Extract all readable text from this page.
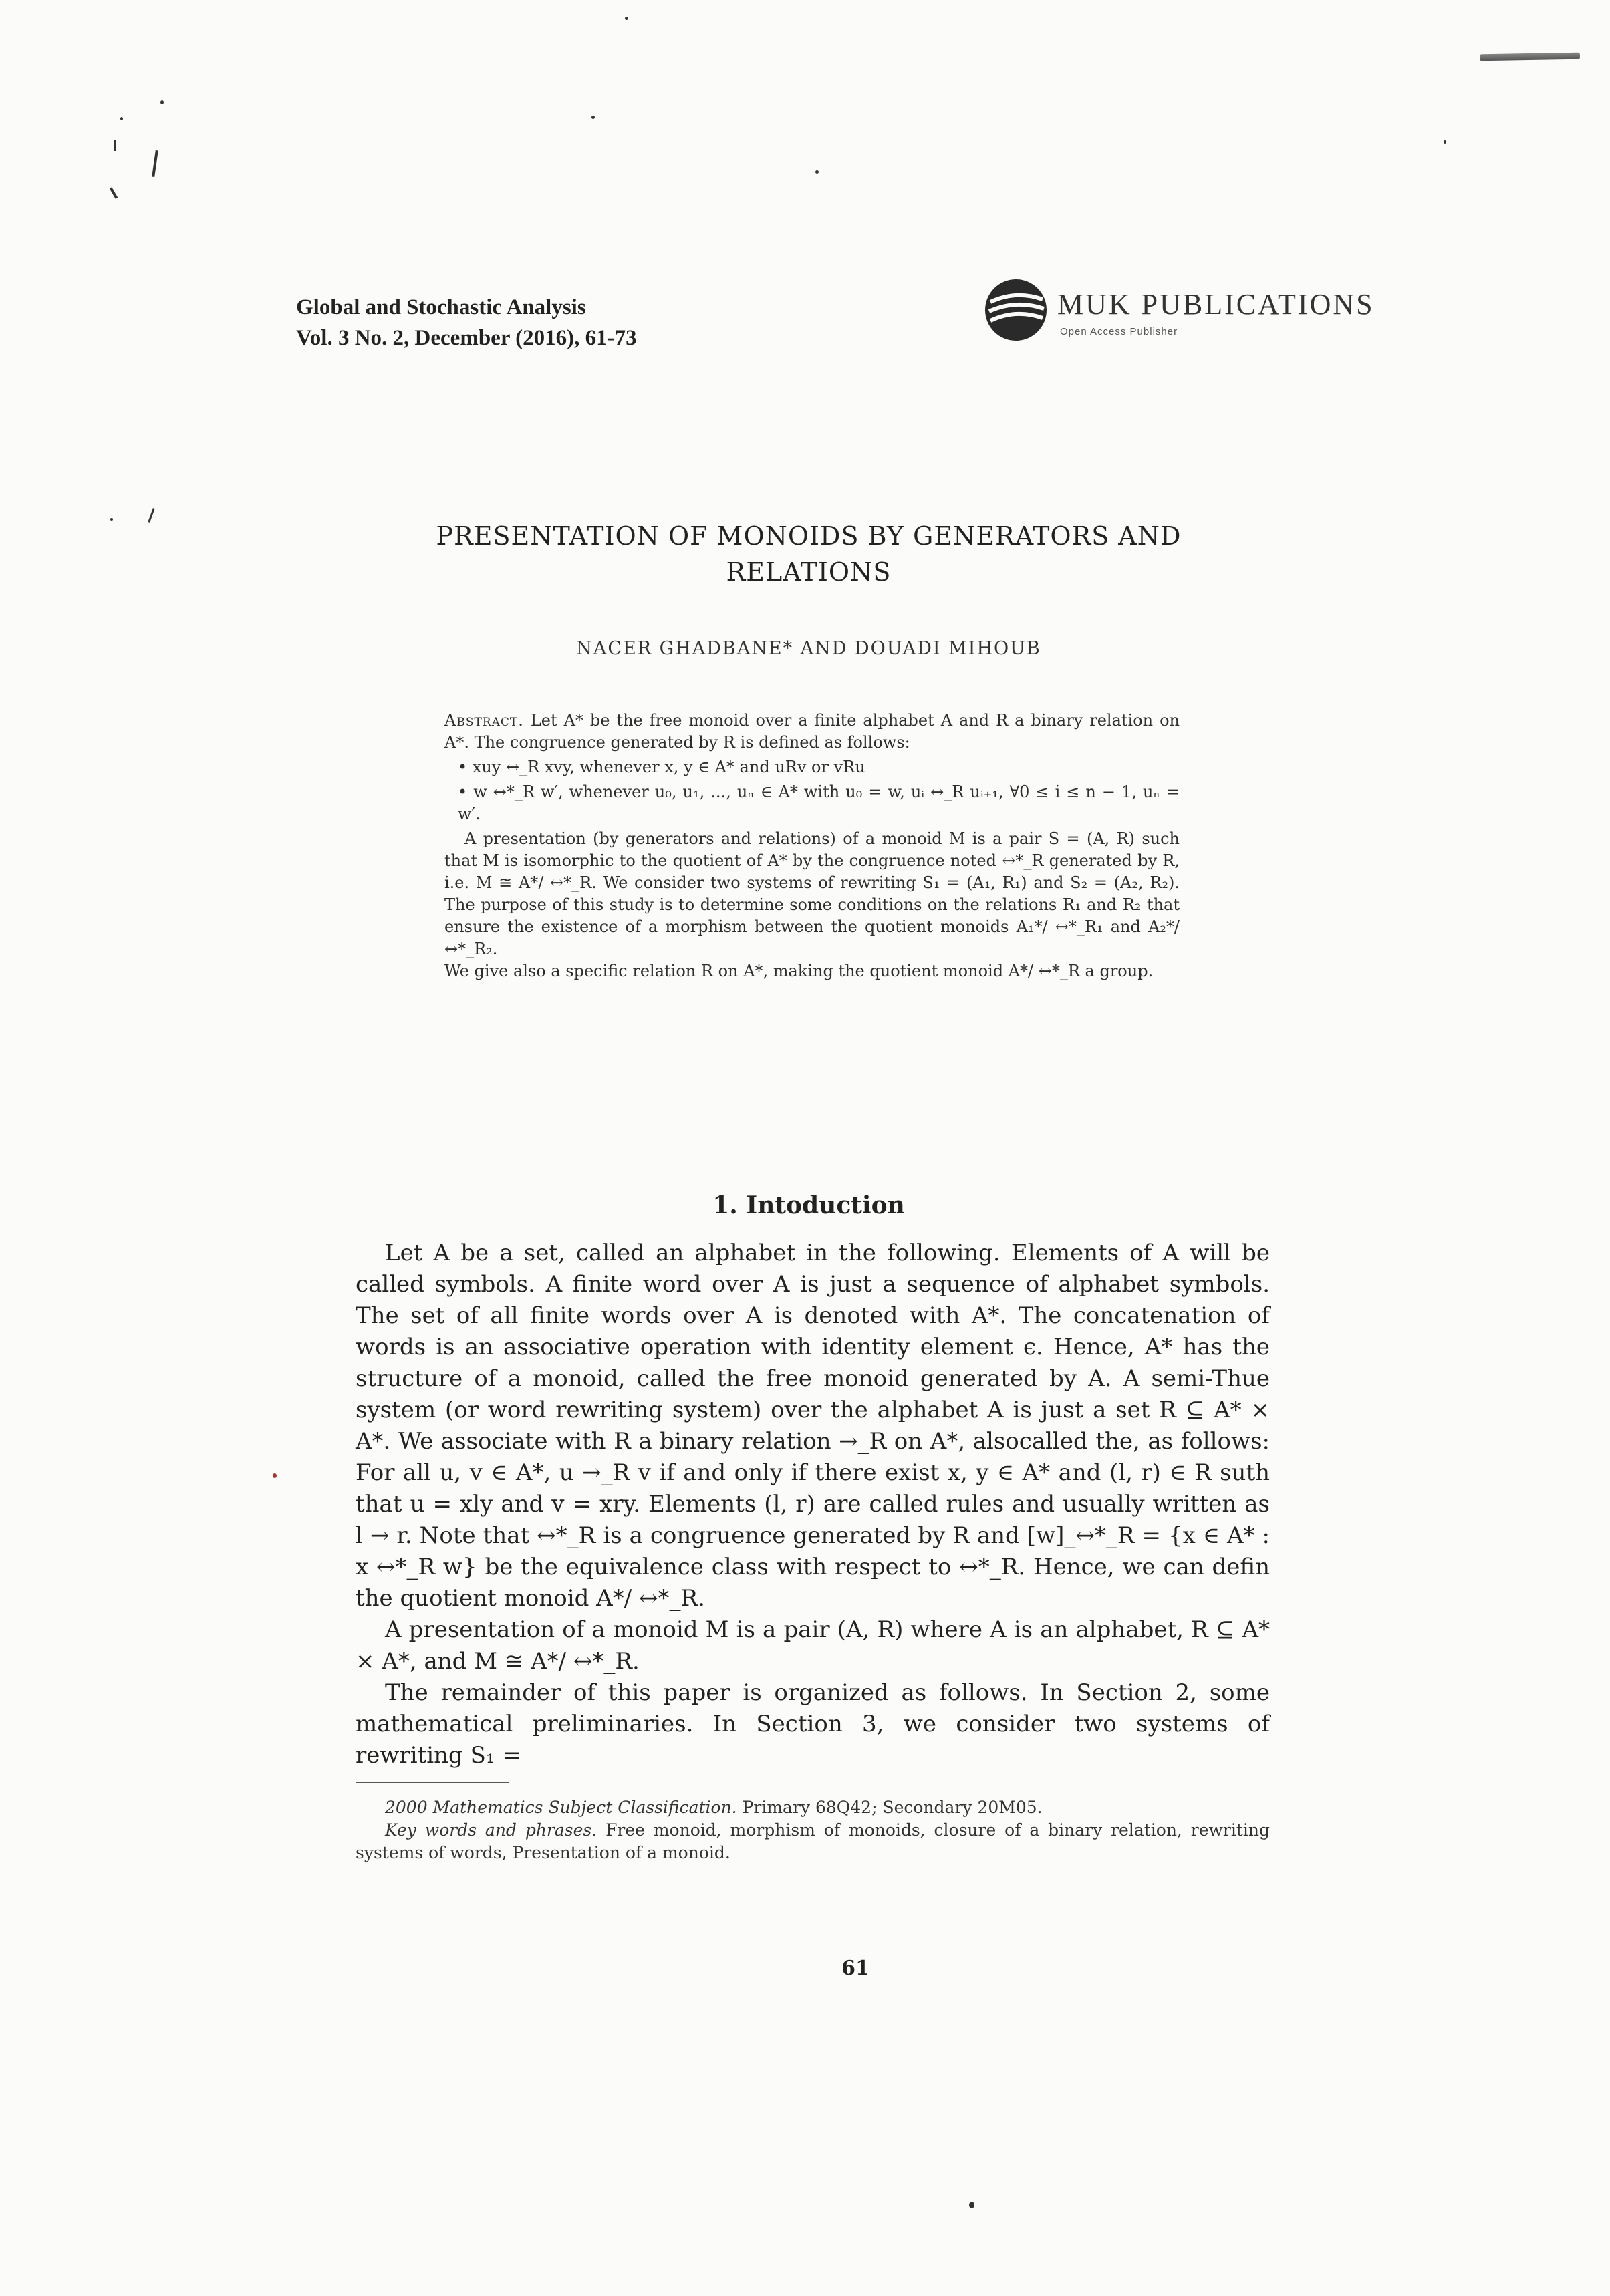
Global and Stochastic Analysis
Vol. 3 No. 2, December (2016), 61-73
MUK PUBLICATIONS
Open Access Publisher
PRESENTATION OF MONOIDS BY GENERATORS AND RELATIONS
NACER GHADBANE* AND DOUADI MIHOUB

Abstract. Let A* be the free monoid over a finite alphabet A and R a binary relation on A*. The congruence generated by R is defined as follows:

• xuy ↔_R xvy, whenever x, y ∈ A* and uRv or vRu

• w ↔*_R w′, whenever u₀, u₁, ..., uₙ ∈ A* with u₀ = w, uᵢ ↔_R uᵢ₊₁, ∀0 ≤ i ≤ n − 1, uₙ = w′.

A presentation (by generators and relations) of a monoid M is a pair S = (A, R) such that M is isomorphic to the quotient of A* by the congruence noted ↔*_R generated by R, i.e. M ≅ A*/ ↔*_R. We consider two systems of rewriting S₁ = (A₁, R₁) and S₂ = (A₂, R₂). The purpose of this study is to determine some conditions on the relations R₁ and R₂ that ensure the existence of a morphism between the quotient monoids A₁*/ ↔*_R₁ and A₂*/ ↔*_R₂.

We give also a specific relation R on A*, making the quotient monoid A*/ ↔*_R a group.

1. Intoduction

Let A be a set, called an alphabet in the following. Elements of A will be called symbols. A finite word over A is just a sequence of alphabet symbols. The set of all finite words over A is denoted with A*. The concatenation of words is an associative operation with identity element ϵ. Hence, A* has the structure of a monoid, called the free monoid generated by A. A semi-Thue system (or word rewriting system) over the alphabet A is just a set R ⊆ A* × A*. We associate with R a binary relation →_R on A*, alsocalled the, as follows: For all u, v ∈ A*, u →_R v if and only if there exist x, y ∈ A* and (l, r) ∈ R suth that u = xly and v = xry. Elements (l, r) are called rules and usually written as l → r. Note that ↔*_R is a congruence generated by R and [w]_↔*_R = {x ∈ A* : x ↔*_R w} be the equivalence class with respect to ↔*_R. Hence, we can defin the quotient monoid A*/ ↔*_R.

A presentation of a monoid M is a pair (A, R) where A is an alphabet, R ⊆ A* × A*, and M ≅ A*/ ↔*_R.

The remainder of this paper is organized as follows. In Section 2, some mathematical preliminaries. In Section 3, we consider two systems of rewriting S₁ =

2000 Mathematics Subject Classification. Primary 68Q42; Secondary 20M05.

Key words and phrases. Free monoid, morphism of monoids, closure of a binary relation, rewriting systems of words, Presentation of a monoid.

61
